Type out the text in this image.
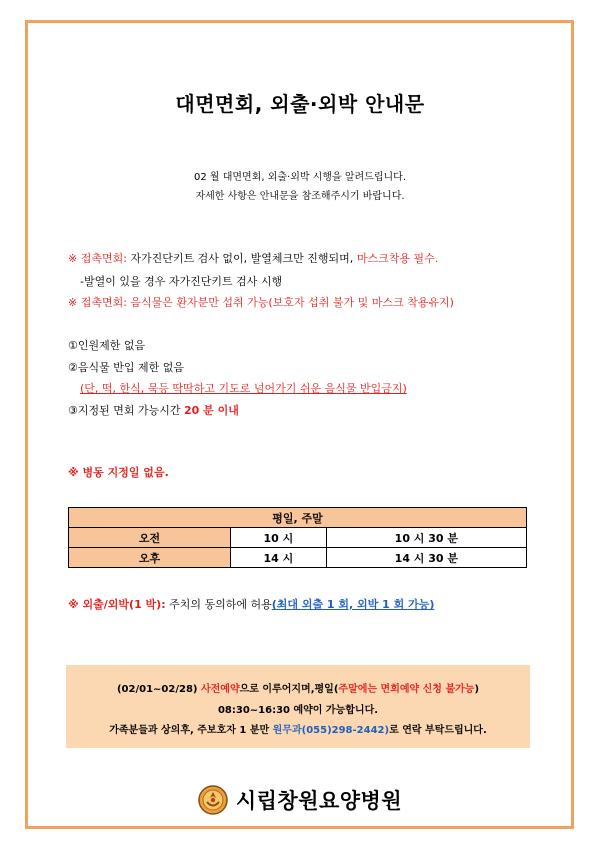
대면면회, 외출·외박 안내문
02 월 대면면회, 외출·외박 시행을 알려드립니다.
자세한 사항은 안내문을 참조해주시기 바랍니다.
※ 접촉면회: 자가진단키트 검사 없이, 발열체크만 진행되며, 마스크착용 필수.
-발열이 있을 경우 자가진단키트 검사 시행
※ 접촉면회: 음식물은 환자분만 섭취 가능(보호자 섭취 불가 및 마스크 착용유지)
①인원제한 없음
②음식물 반입 제한 없음
(단, 떡, 한식, 묵등 딱딱하고 기도로 넘어가기 쉬운 음식물 반입금지)
③지정된 면회 가능시간 20 분 이내
※ 병동 지정일 없음.
평일, 주말		
오전	10 시	10 시 30 분
오후	14 시	14 시 30 분
※ 외출/외박(1 박): 주치의 동의하에 허용(최대 외출 1 회, 외박 1 회 가능)
(02/01~02/28) 사전예약으로 이루어지며,평일(주말에는 면회예약 신청 불가능)
08:30~16:30 예약이 가능합니다.
가족분들과 상의후, 주보호자 1 분만 원무과(055)298-2442)로 연락 부탁드립니다.
시립창원요양병원
